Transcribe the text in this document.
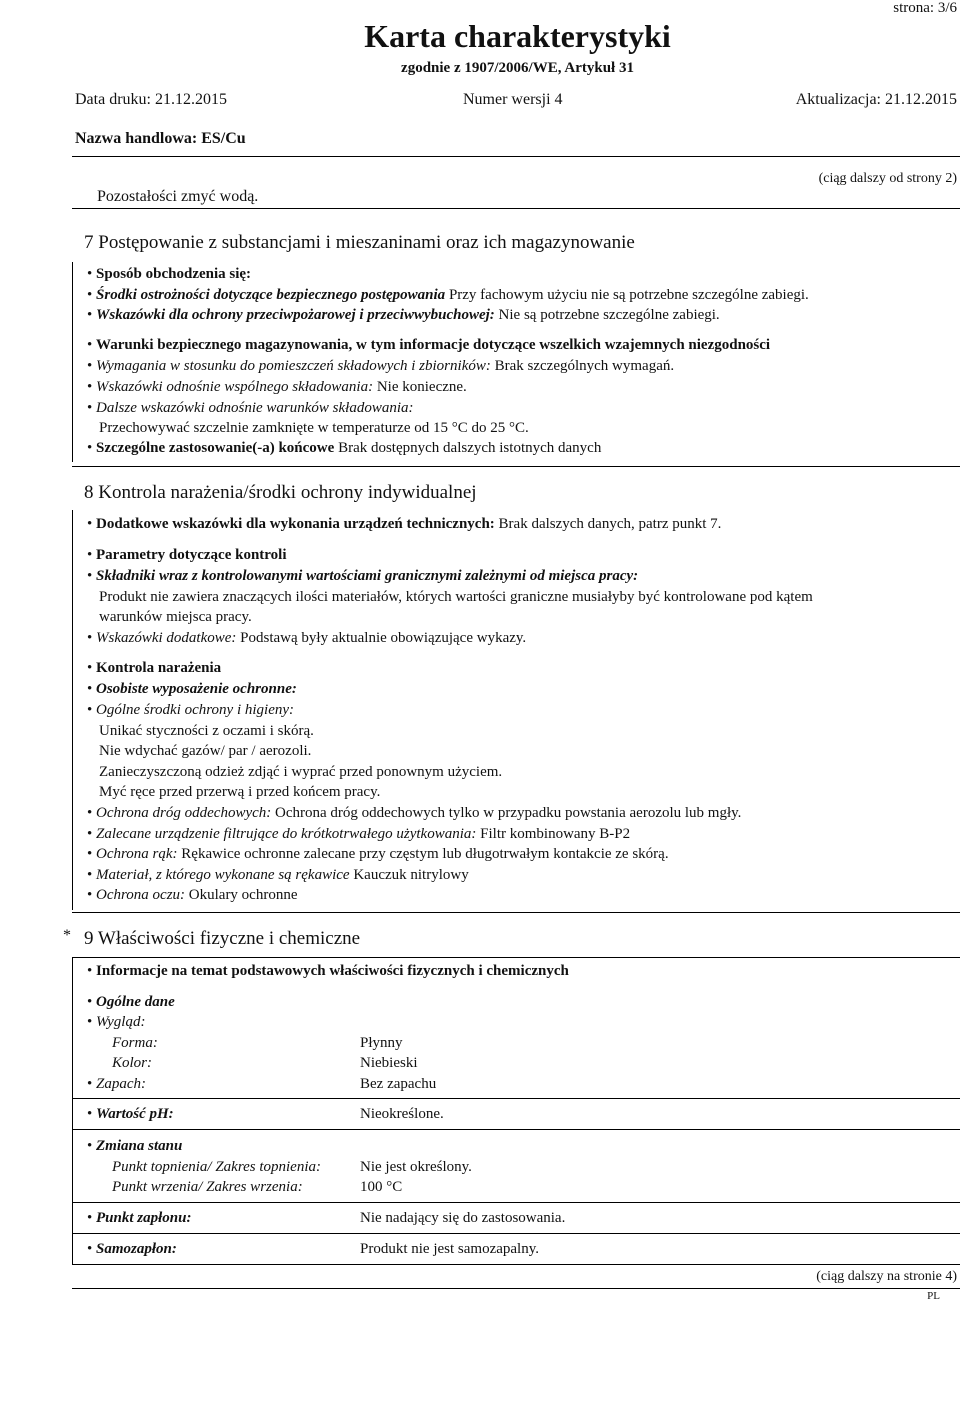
strona: 3/6
Karta charakterystyki
zgodnie z 1907/2006/WE, Artykuł 31
Data druku: 21.12.2015	Numer wersji 4	Aktualizacja: 21.12.2015
Nazwa handlowa: ES/Cu
Pozostałości zmyć wodą.
(ciąg dalszy od strony 2)
7 Postępowanie z substancjami i mieszaninami oraz ich magazynowanie
• Sposób obchodzenia się:
• Środki ostrożności dotyczące bezpiecznego postępowania Przy fachowym użyciu nie są potrzebne szczególne zabiegi.
• Wskazówki dla ochrony przeciwpożarowej i przeciwwybuchowej: Nie są potrzebne szczególne zabiegi.
• Warunki bezpiecznego magazynowania, w tym informacje dotyczące wszelkich wzajemnych niezgodności
• Wymagania w stosunku do pomieszczeń składowych i zbiorników: Brak szczególnych wymagań.
• Wskazówki odnośnie wspólnego składowania: Nie konieczne.
• Dalsze wskazówki odnośnie warunków składowania:
Przechowywać szczelnie zamknięte w temperaturze od 15 °C do 25 °C.
• Szczególne zastosowanie(-a) końcowe Brak dostępnych dalszych istotnych danych
8 Kontrola narażenia/środki ochrony indywidualnej
• Dodatkowe wskazówki dla wykonania urządzeń technicznych: Brak dalszych danych, patrz punkt 7.
• Parametry dotyczące kontroli
• Składniki wraz z kontrolowanymi wartościami granicznymi zależnymi od miejsca pracy:
Produkt nie zawiera znaczących ilości materiałów, których wartości graniczne musiałyby być kontrolowane pod kątem
warunków miejsca pracy.
• Wskazówki dodatkowe: Podstawą były aktualnie obowiązujące wykazy.
• Kontrola narażenia
• Osobiste wyposażenie ochronne:
• Ogólne środki ochrony i higieny:
Unikać styczności z oczami i skórą.
Nie wdychać gazów/ par / aerozoli.
Zanieczyszczoną odzież zdjąć i wyprać przed ponownym użyciem.
Myć ręce przed przerwą i przed końcem pracy.
• Ochrona dróg oddechowych: Ochrona dróg oddechowych tylko w przypadku powstania aerozolu lub mgły.
• Zalecane urządzenie filtrujące do krótkotrwałego użytkowania: Filtr kombinowany B-P2
• Ochrona rąk: Rękawice ochronne zalecane przy częstym lub długotrwałym kontakcie ze skórą.
• Materiał, z którego wykonane są rękawice Kauczuk nitrylowy
• Ochrona oczu: Okulary ochronne
* 9 Właściwości fizyczne i chemiczne
• Informacje na temat podstawowych właściwości fizycznych i chemicznych
• Ogólne dane
• Wygląd:
Forma:	Płynny
Kolor:	Niebieski
• Zapach:	Bez zapachu
• Wartość pH:	Nieokreślone.
• Zmiana stanu
Punkt topnienia/ Zakres topnienia:	Nie jest określony.
Punkt wrzenia/ Zakres wrzenia:	100 °C
• Punkt zapłonu:	Nie nadający się do zastosowania.
• Samozapłon:	Produkt nie jest samozapalny.
(ciąg dalszy na stronie 4)
PL
